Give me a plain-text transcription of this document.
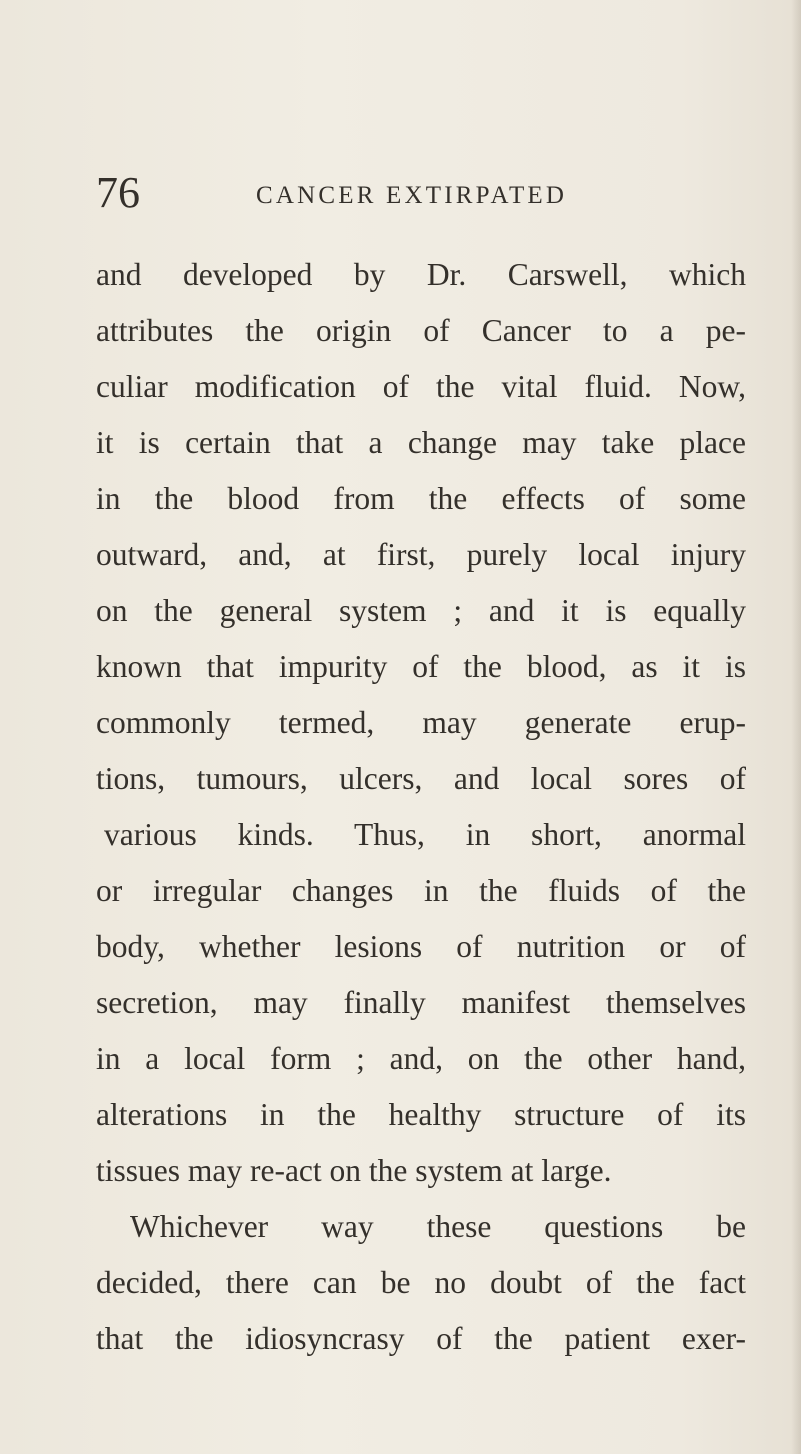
76	CANCER EXTIRPATED
and developed by Dr. Carswell, which
attributes the origin of Cancer to a pe-
culiar modification of the vital fluid. Now,
it is certain that a change may take place
in the blood from the effects of some
outward, and, at first, purely local injury
on the general system ; and it is equally
known that impurity of the blood, as it is
commonly termed, may generate erup-
tions, tumours, ulcers, and local sores of
various kinds. Thus, in short, anormal
or irregular changes in the fluids of the
body, whether lesions of nutrition or of
secretion, may finally manifest themselves
in a local form ; and, on the other hand,
alterations in the healthy structure of its
tissues may re-act on the system at large.
Whichever way these questions be
decided, there can be no doubt of the fact
that the idiosyncrasy of the patient exer-
